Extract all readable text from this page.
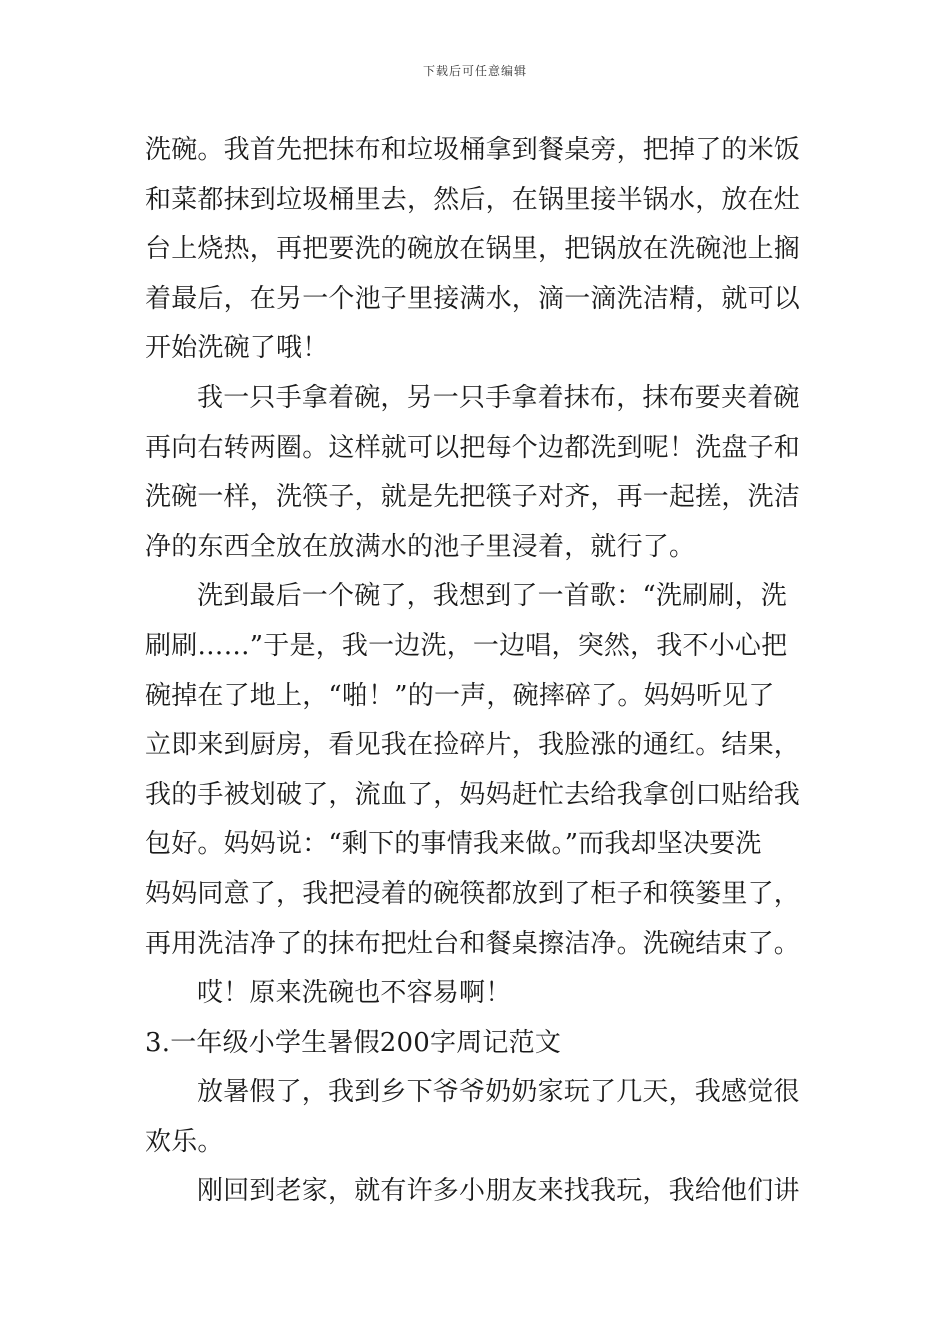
下载后可任意编辑
洗碗。我首先把抹布和垃圾桶拿到餐桌旁，把掉了的米饭
和菜都抹到垃圾桶里去，然后，在锅里接半锅水，放在灶
台上烧热，再把要洗的碗放在锅里，把锅放在洗碗池上搁
着最后，在另一个池子里接满水，滴一滴洗洁精，就可以
开始洗碗了哦！
我一只手拿着碗，另一只手拿着抹布，抹布要夹着碗
再向右转两圈。这样就可以把每个边都洗到呢！洗盘子和
洗碗一样，洗筷子，就是先把筷子对齐，再一起搓，洗洁
净的东西全放在放满水的池子里浸着，就行了。
洗到最后一个碗了，我想到了一首歌：“洗刷刷，洗
刷刷……”于是，我一边洗，一边唱，突然，我不小心把
碗掉在了地上，“啪！”的一声，碗摔碎了。妈妈听见了
立即来到厨房，看见我在捡碎片，我脸涨的通红。结果，
我的手被划破了，流血了，妈妈赶忙去给我拿创口贴给我
包好。妈妈说：“剩下的事情我来做。”而我却坚决要洗
妈妈同意了，我把浸着的碗筷都放到了柜子和筷篓里了，
再用洗洁净了的抹布把灶台和餐桌擦洁净。洗碗结束了。
哎！原来洗碗也不容易啊！
3.一年级小学生暑假200字周记范文
放暑假了，我到乡下爷爷奶奶家玩了几天，我感觉很
欢乐。
刚回到老家，就有许多小朋友来找我玩，我给他们讲
